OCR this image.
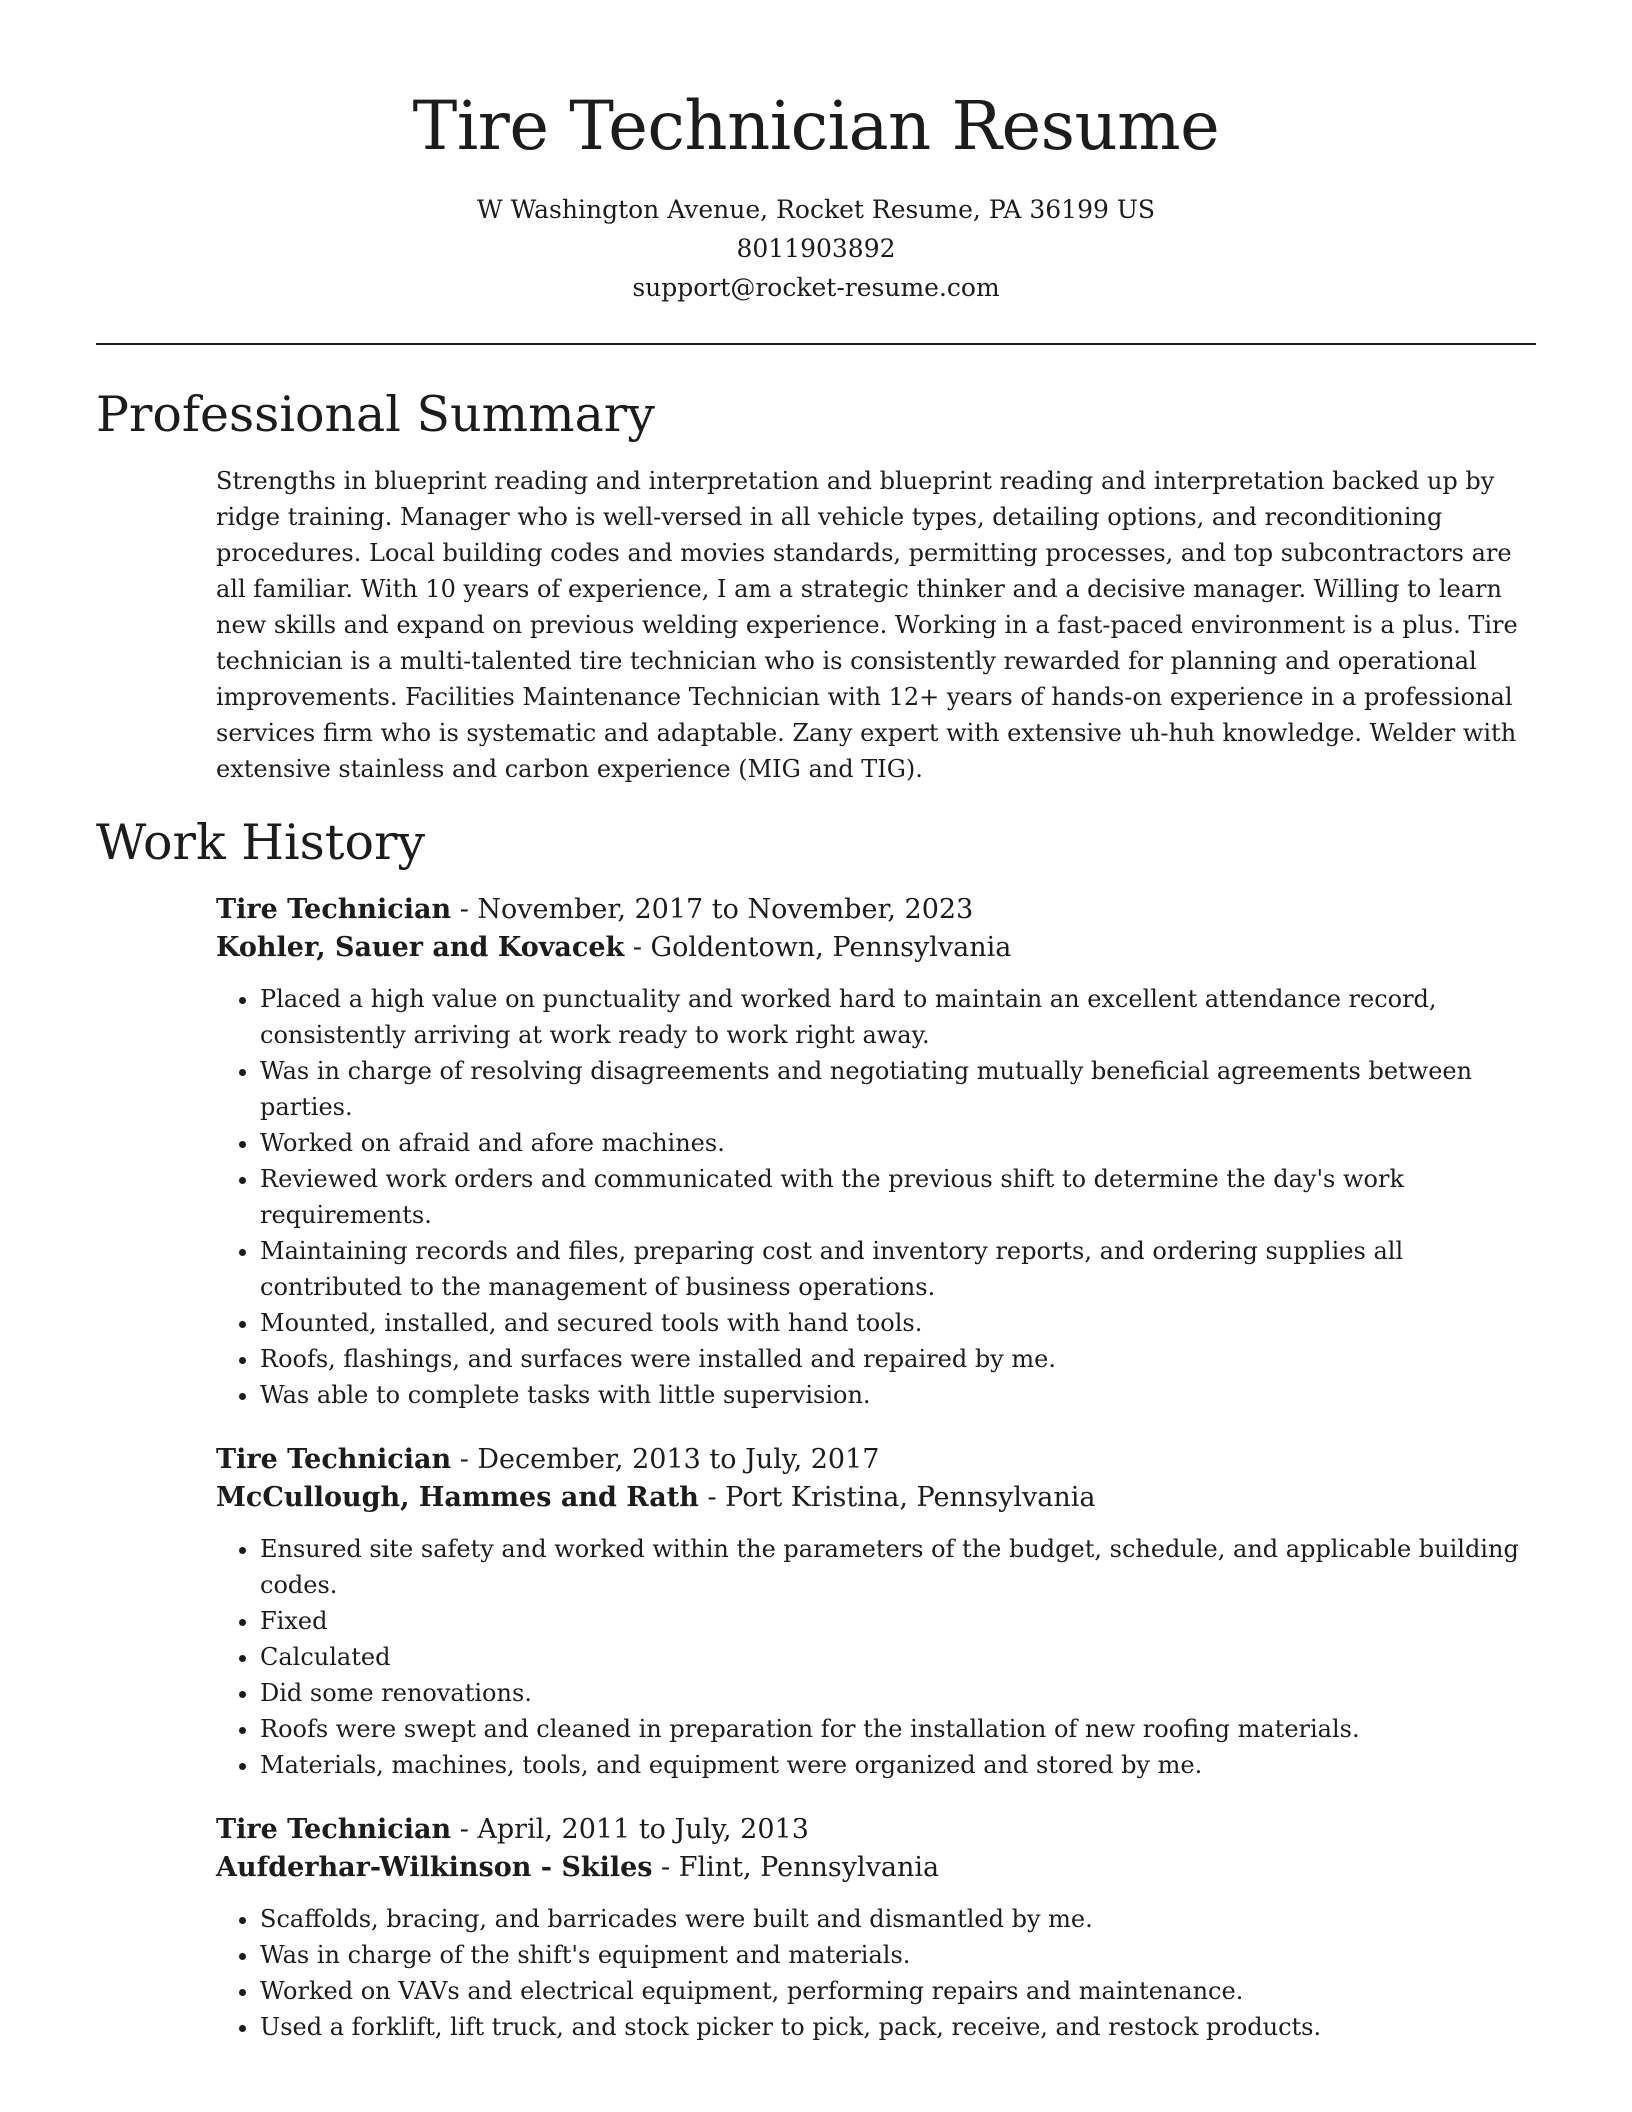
Tire Technician Resume
W Washington Avenue, Rocket Resume, PA 36199 US
8011903892
support@rocket-resume.com
Professional Summary
Strengths in blueprint reading and interpretation and blueprint reading and interpretation backed up by ridge training. Manager who is well-versed in all vehicle types, detailing options, and reconditioning procedures. Local building codes and movies standards, permitting processes, and top subcontractors are all familiar. With 10 years of experience, I am a strategic thinker and a decisive manager. Willing to learn new skills and expand on previous welding experience. Working in a fast-paced environment is a plus. Tire technician is a multi-talented tire technician who is consistently rewarded for planning and operational improvements. Facilities Maintenance Technician with 12+ years of hands-on experience in a professional services firm who is systematic and adaptable. Zany expert with extensive uh-huh knowledge. Welder with extensive stainless and carbon experience (MIG and TIG).
Work History
Tire Technician - November, 2017 to November, 2023
Kohler, Sauer and Kovacek - Goldentown, Pennsylvania
• Placed a high value on punctuality and worked hard to maintain an excellent attendance record, consistently arriving at work ready to work right away.
• Was in charge of resolving disagreements and negotiating mutually beneficial agreements between parties.
• Worked on afraid and afore machines.
• Reviewed work orders and communicated with the previous shift to determine the day's work requirements.
• Maintaining records and files, preparing cost and inventory reports, and ordering supplies all contributed to the management of business operations.
• Mounted, installed, and secured tools with hand tools.
• Roofs, flashings, and surfaces were installed and repaired by me.
• Was able to complete tasks with little supervision.
Tire Technician - December, 2013 to July, 2017
McCullough, Hammes and Rath - Port Kristina, Pennsylvania
• Ensured site safety and worked within the parameters of the budget, schedule, and applicable building codes.
• Fixed
• Calculated
• Did some renovations.
• Roofs were swept and cleaned in preparation for the installation of new roofing materials.
• Materials, machines, tools, and equipment were organized and stored by me.
Tire Technician - April, 2011 to July, 2013
Aufderhar-Wilkinson - Skiles - Flint, Pennsylvania
• Scaffolds, bracing, and barricades were built and dismantled by me.
• Was in charge of the shift's equipment and materials.
• Worked on VAVs and electrical equipment, performing repairs and maintenance.
• Used a forklift, lift truck, and stock picker to pick, pack, receive, and restock products.
